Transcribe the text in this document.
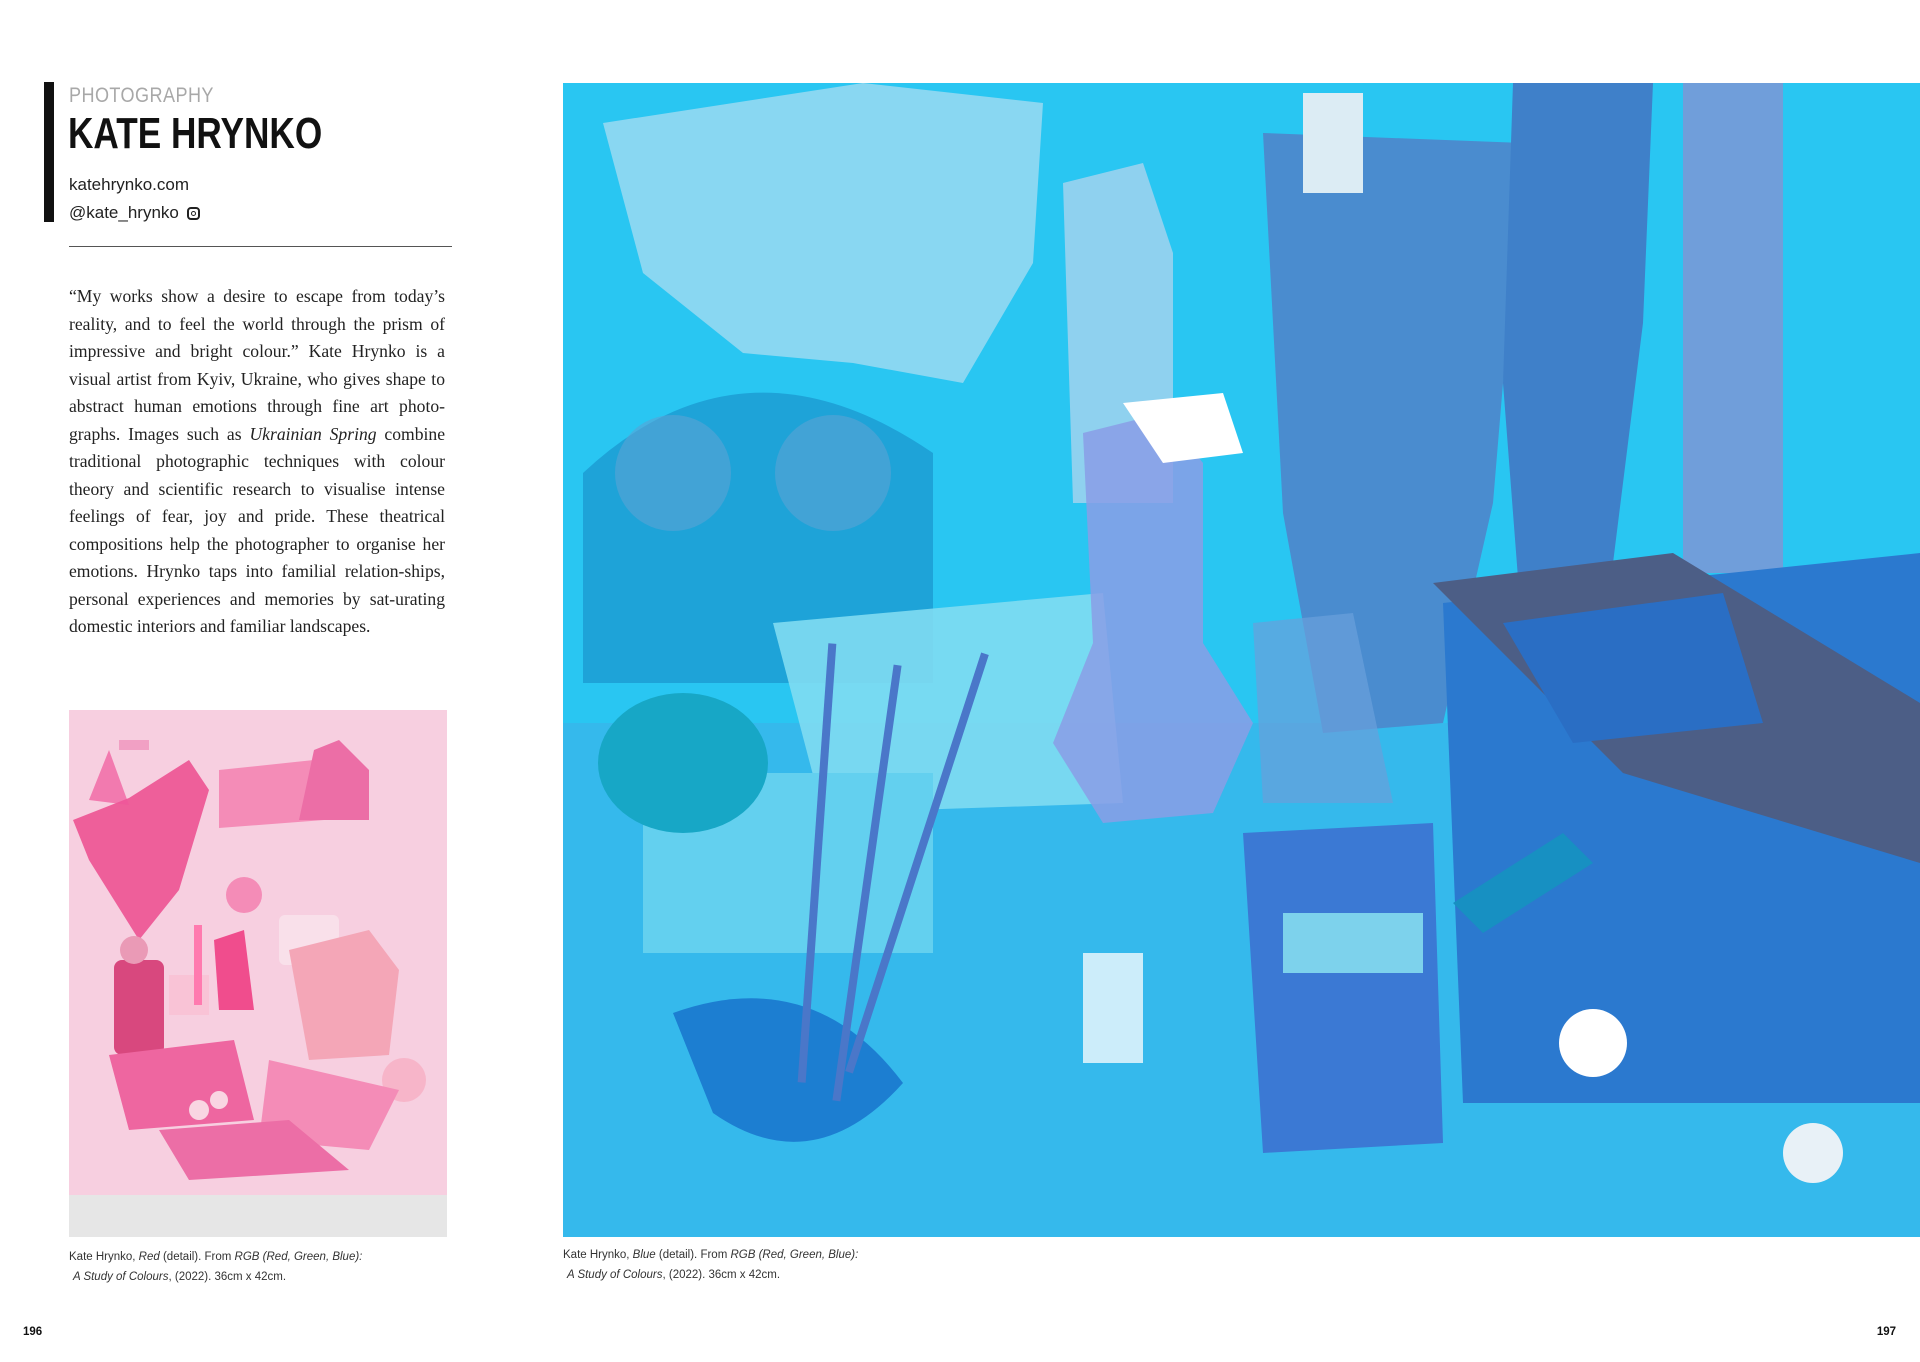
PHOTOGRAPHY
KATE HRYNKO
katehrynko.com
@kate_hrynko

“My works show a desire to escape from today’s reality, and to feel the world through the prism of impressive and bright colour.” Kate Hrynko is a visual artist from Kyiv, Ukraine, who gives shape to abstract human emotions through fine art photo-graphs. Images such as Ukrainian Spring combine traditional photographic techniques with colour theory and scientific research to visualise intense feelings of fear, joy and pride. These theatrical compositions help the photographer to organise her emotions. Hrynko taps into familial relation-ships, personal experiences and memories by sat-urating domestic interiors and familiar landscapes.

Kate Hrynko, Red (detail). From RGB (Red, Green, Blue):
A Study of Colours, (2022). 36cm x 42cm.
196
Kate Hrynko, Blue (detail). From RGB (Red, Green, Blue):
A Study of Colours, (2022). 36cm x 42cm.
197
